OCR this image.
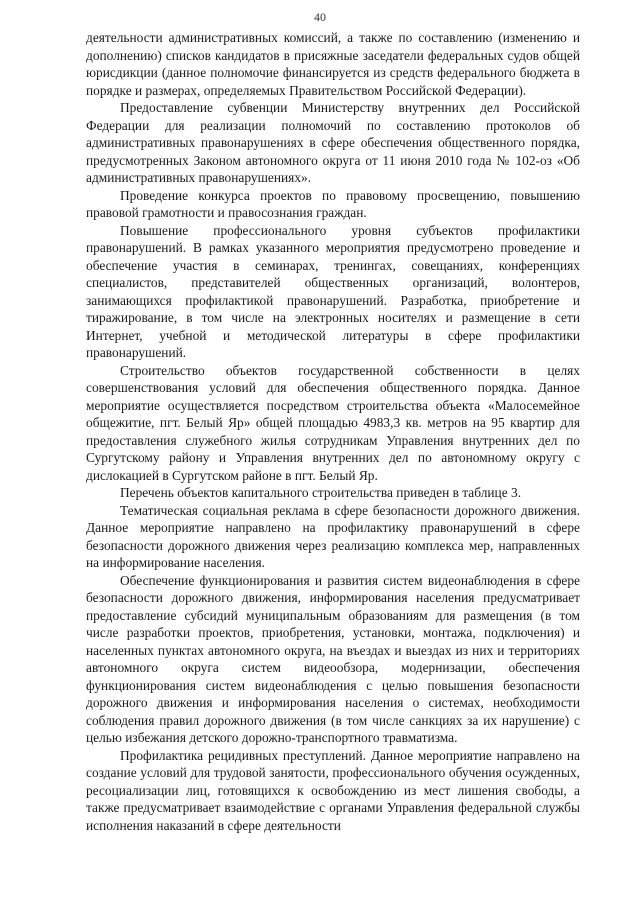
40

деятельности административных комиссий, а также по составлению (изменению и дополнению) списков кандидатов в присяжные заседатели федеральных судов общей юрисдикции (данное полномочие финансируется из средств федерального бюджета в порядке и размерах, определяемых Правительством Российской Федерации).

Предоставление субвенции Министерству внутренних дел Российской Федерации для реализации полномочий по составлению протоколов об административных правонарушениях в сфере обеспечения общественного порядка, предусмотренных Законом автономного округа от 11 июня 2010 года № 102-оз «Об административных правонарушениях».

Проведение конкурса проектов по правовому просвещению, повышению правовой грамотности и правосознания граждан.

Повышение профессионального уровня субъектов профилактики правонарушений. В рамках указанного мероприятия предусмотрено проведение и обеспечение участия в семинарах, тренингах, совещаниях, конференциях специалистов, представителей общественных организаций, волонтеров, занимающихся профилактикой правонарушений. Разработка, приобретение и тиражирование, в том числе на электронных носителях и размещение в сети Интернет, учебной и методической литературы в сфере профилактики правонарушений.

Строительство объектов государственной собственности в целях совершенствования условий для обеспечения общественного порядка. Данное мероприятие осуществляется посредством строительства объекта «Малосемейное общежитие, пгт. Белый Яр» общей площадью 4983,3 кв. метров на 95 квартир для предоставления служебного жилья сотрудникам Управления внутренних дел по Сургутскому району и Управления внутренних дел по автономному округу с дислокацией в Сургутском районе в пгт. Белый Яр.

Перечень объектов капитального строительства приведен в таблице 3.

Тематическая социальная реклама в сфере безопасности дорожного движения. Данное мероприятие направлено на профилактику правонарушений в сфере безопасности дорожного движения через реализацию комплекса мер, направленных на информирование населения.

Обеспечение функционирования и развития систем видеонаблюдения в сфере безопасности дорожного движения, информирования населения предусматривает предоставление субсидий муниципальным образованиям для размещения (в том числе разработки проектов, приобретения, установки, монтажа, подключения) и населенных пунктах автономного округа, на въездах и выездах из них и территориях автономного округа систем видеообзора, модернизации, обеспечения функционирования систем видеонаблюдения с целью повышения безопасности дорожного движения и информирования населения о системах, необходимости соблюдения правил дорожного движения (в том числе санкциях за их нарушение) с целью избежания детского дорожно-транспортного травматизма.

Профилактика рецидивных преступлений. Данное мероприятие направлено на создание условий для трудовой занятости, профессионального обучения осужденных, ресоциализации лиц, готовящихся к освобождению из мест лишения свободы, а также предусматривает взаимодействие с органами Управления федеральной службы исполнения наказаний в сфере деятельности
